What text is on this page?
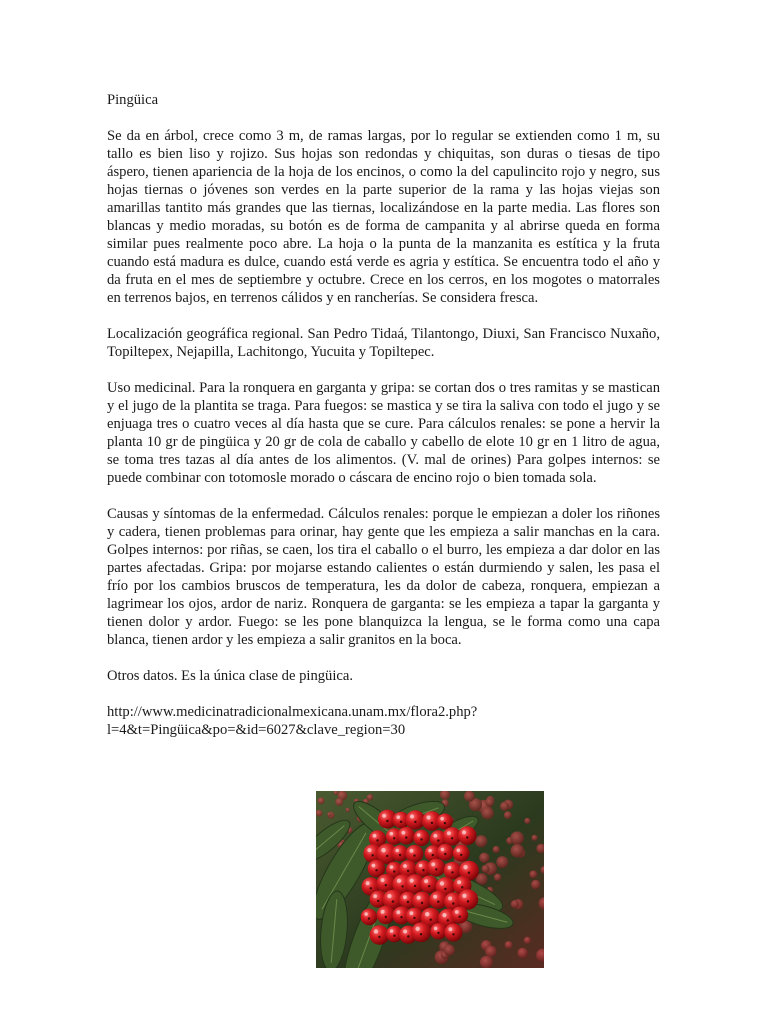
Pingüica

Se da en árbol, crece como 3 m, de ramas largas, por lo regular se extienden como 1 m, su tallo es bien liso y rojizo. Sus hojas son redondas y chiquitas, son duras o tiesas de tipo áspero, tienen apariencia de la hoja de los encinos, o como la del capulincito rojo y negro, sus hojas tiernas o jóvenes son verdes en la parte superior de la rama y las hojas viejas son amarillas tantito más grandes que las tiernas, localizándose en la parte media. Las flores son blancas y medio moradas, su botón es de forma de campanita y al abrirse queda en forma similar pues realmente poco abre. La hoja o la punta de la manzanita es estítica y la fruta cuando está madura es dulce, cuando está verde es agria y estítica. Se encuentra todo el año y da fruta en el mes de septiembre y octubre. Crece en los cerros, en los mogotes o matorrales en terrenos bajos, en terrenos cálidos y en rancherías. Se considera fresca.

Localización geográfica regional. San Pedro Tidaá, Tilantongo, Diuxi, San Francisco Nuxaño, Topiltepex, Nejapilla, Lachitongo, Yucuita y Topiltepec.

Uso medicinal. Para la ronquera en garganta y gripa: se cortan dos o tres ramitas y se mastican y el jugo de la plantita se traga. Para fuegos: se mastica y se tira la saliva con todo el jugo y se enjuaga tres o cuatro veces al día hasta que se cure. Para cálculos renales: se pone a hervir la planta 10 gr de pingüica y 20 gr de cola de caballo y cabello de elote 10 gr en 1 litro de agua, se toma tres tazas al día antes de los alimentos. (V. mal de orines) Para golpes internos: se puede combinar con totomosle morado o cáscara de encino rojo o bien tomada sola.

Causas y síntomas de la enfermedad. Cálculos renales: porque le empiezan a doler los riñones y cadera, tienen problemas para orinar, hay gente que les empieza a salir manchas en la cara. Golpes internos: por riñas, se caen, los tira el caballo o el burro, les empieza a dar dolor en las partes afectadas. Gripa: por mojarse estando calientes o están durmiendo y salen, les pasa el frío por los cambios bruscos de temperatura, les da dolor de cabeza, ronquera, empiezan a lagrimear los ojos, ardor de nariz. Ronquera de garganta: se les empieza a tapar la garganta y tienen dolor y ardor. Fuego: se les pone blanquizca la lengua, se le forma como una capa blanca, tienen ardor y les empieza a salir granitos en la boca.

Otros datos. Es la única clase de pingüica.

http://www.medicinatradicionalmexicana.unam.mx/flora2.php?
l=4&t=Pingüica&po=&id=6027&clave_region=30
